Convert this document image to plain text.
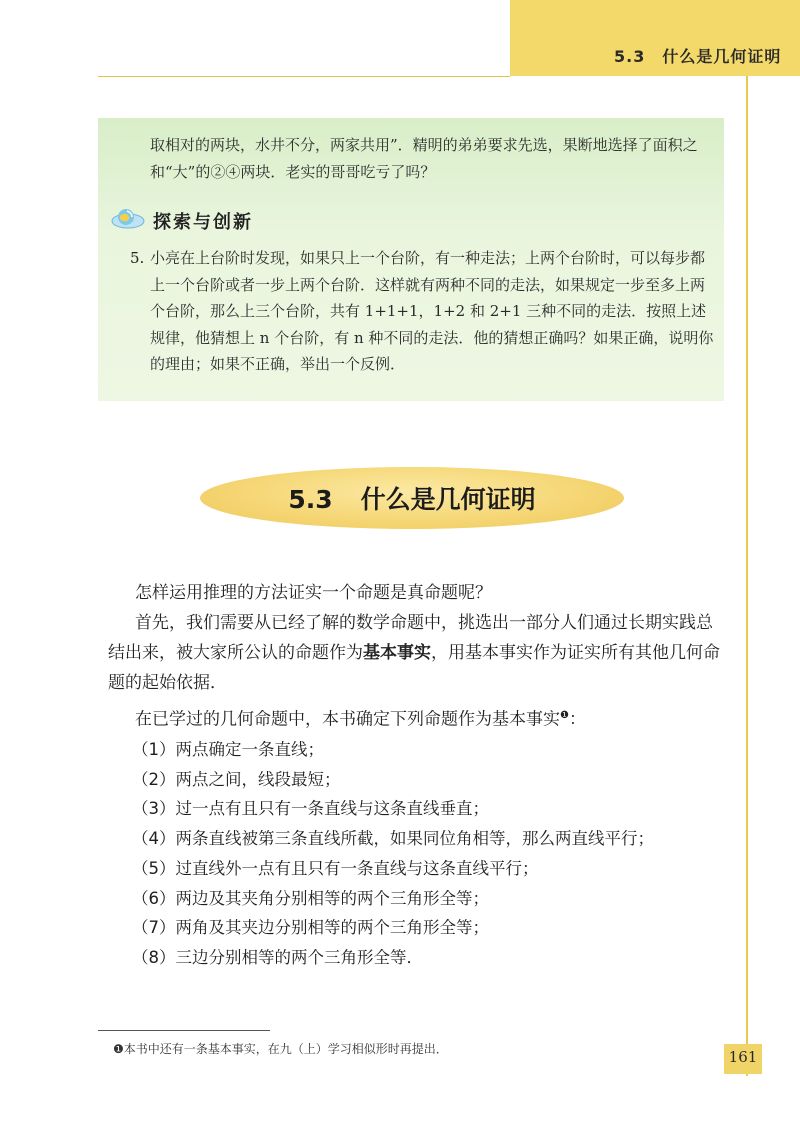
5.3　什么是几何证明

取相对的两块，水井不分，两家共用”．精明的弟弟要求先选，果断地选择了面积之和“大”的②④两块．老实的哥哥吃亏了吗？

探索与创新
5. 小亮在上台阶时发现，如果只上一个台阶，有一种走法；上两个台阶时，可以每步都上一个台阶或者一步上两个台阶．这样就有两种不同的走法，如果规定一步至多上两个台阶，那么上三个台阶，共有 1+1+1，1+2 和 2+1 三种不同的走法．按照上述规律，他猜想上 n 个台阶，有 n 种不同的走法．他的猜想正确吗？如果正确，说明你的理由；如果不正确，举出一个反例．

5.3 什么是几何证明

怎样运用推理的方法证实一个命题是真命题呢？

首先，我们需要从已经了解的数学命题中，挑选出一部分人们通过长期实践总结出来，被大家所公认的命题作为基本事实，用基本事实作为证实所有其他几何命题的起始依据．

在已学过的几何命题中，本书确定下列命题作为基本事实$^❶$：

（1）两点确定一条直线；
（2）两点之间，线段最短；
（3）过一点有且只有一条直线与这条直线垂直；
（4）两条直线被第三条直线所截，如果同位角相等，那么两直线平行；
（5）过直线外一点有且只有一条直线与这条直线平行；
（6）两边及其夹角分别相等的两个三角形全等；
（7）两角及其夹边分别相等的两个三角形全等；
（8）三边分别相等的两个三角形全等．
❶本书中还有一条基本事实，在九（上）学习相似形时再提出．	161
